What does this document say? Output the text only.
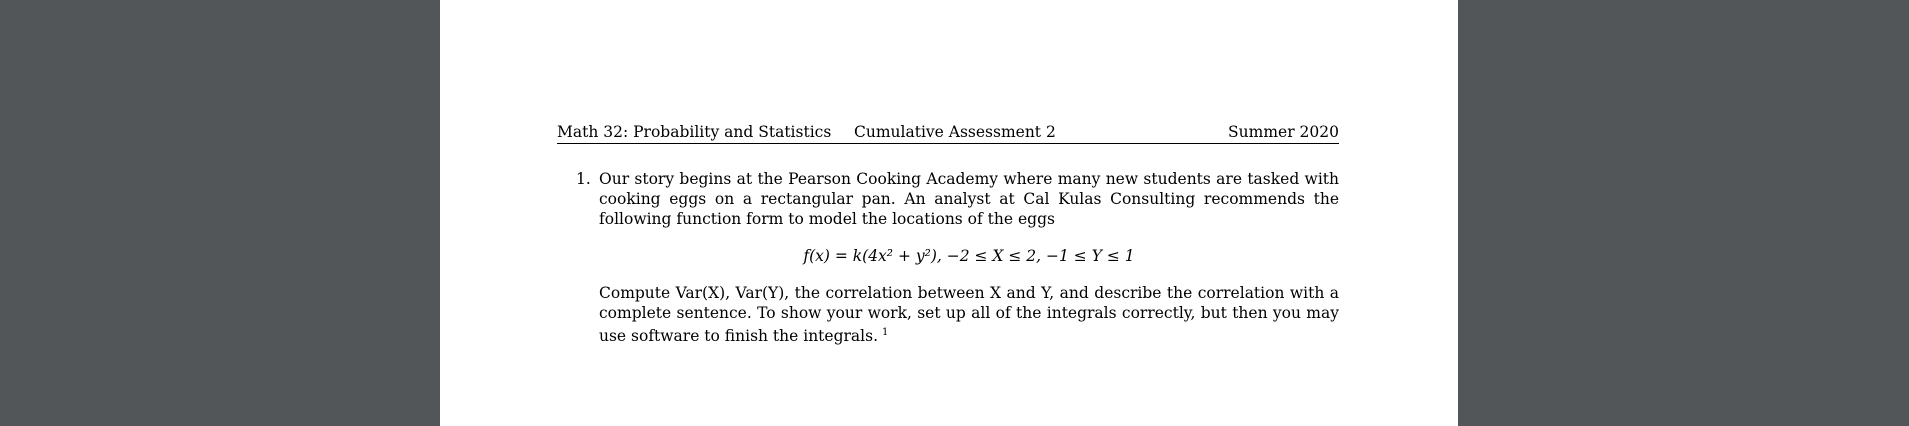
Math 32: Probability and Statistics Cumulative Assessment 2	Summer 2020
1. Our story begins at the Pearson Cooking Academy where many new students are tasked with cooking eggs on a rectangular pan. An analyst at Cal Kulas Consulting recommends the following function form to model the locations of the eggs

f(x) = k(4x² + y²), −2 ≤ X ≤ 2, −1 ≤ Y ≤ 1

Compute Var(X), Var(Y), the correlation between X and Y, and describe the correlation with a complete sentence. To show your work, set up all of the integrals correctly, but then you may use software to finish the integrals. $^1$
